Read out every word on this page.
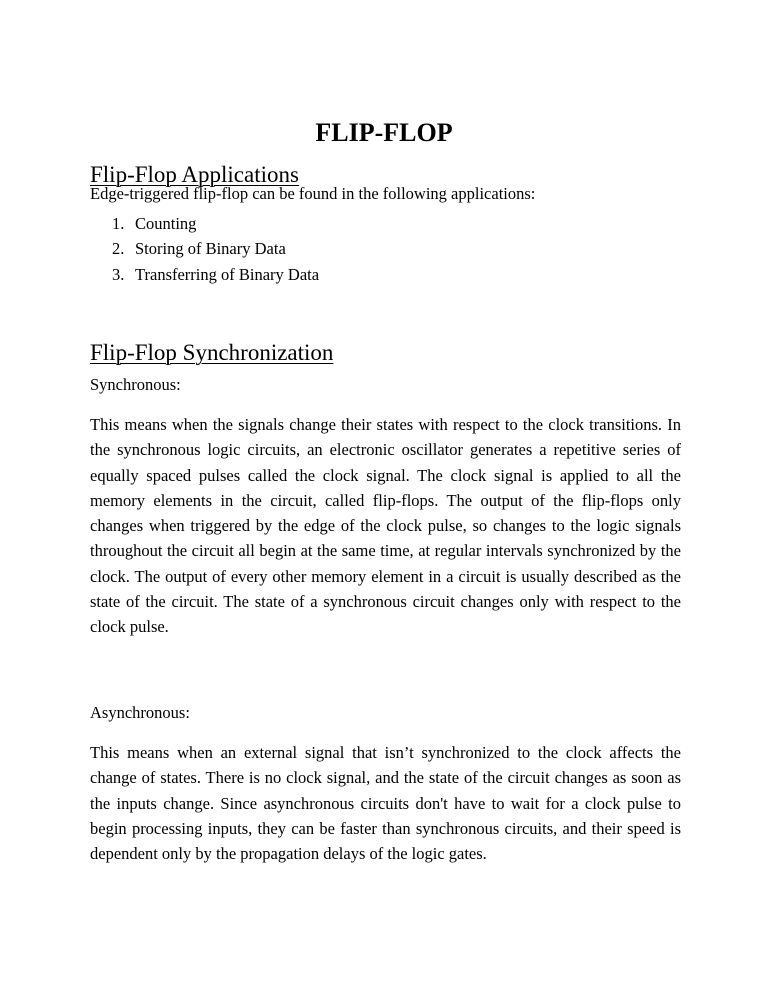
FLIP-FLOP
Flip-Flop Applications

Edge-triggered flip-flop can be found in the following applications:

1. Counting
2. Storing of Binary Data
3. Transferring of Binary Data
Flip-Flop Synchronization

Synchronous:

This means when the signals change their states with respect to the clock transitions. In the synchronous logic circuits, an electronic oscillator generates a repetitive series of equally spaced pulses called the clock signal. The clock signal is applied to all the memory elements in the circuit, called flip-flops. The output of the flip-flops only changes when triggered by the edge of the clock pulse, so changes to the logic signals throughout the circuit all begin at the same time, at regular intervals synchronized by the clock. The output of every other memory element in a circuit is usually described as the state of the circuit. The state of a synchronous circuit changes only with respect to the clock pulse.

Asynchronous:

This means when an external signal that isn’t synchronized to the clock affects the change of states. There is no clock signal, and the state of the circuit changes as soon as the inputs change. Since asynchronous circuits don't have to wait for a clock pulse to begin processing inputs, they can be faster than synchronous circuits, and their speed is dependent only by the propagation delays of the logic gates.
